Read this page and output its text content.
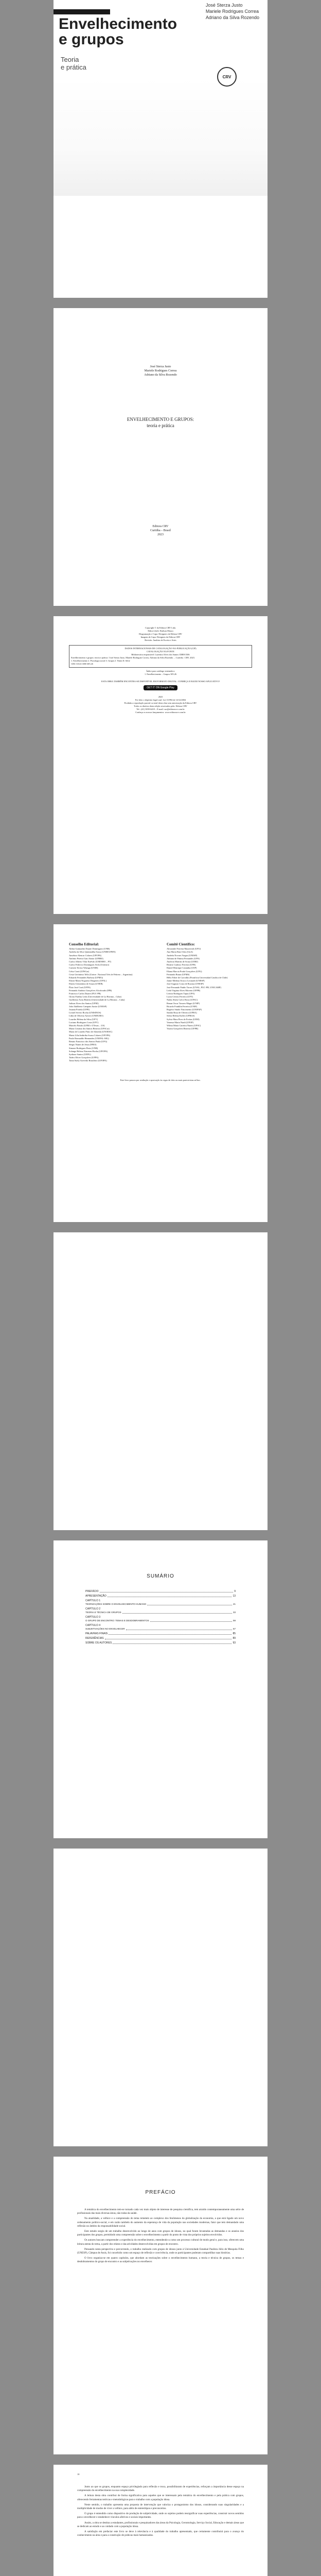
José Sterza Justo
Mariele Rodrigues Correa
Adriano da Silva Rozendo
Envelhecimento
e grupos
Teoria
e prática
CRV
José Sterza Justo
Mariele Rodrigues Correa
Adriano da Silva Rozendo
ENVELHECIMENTO E GRUPOS:
teoria e prática
Editora CRV
Curitiba – Brasil
2023
Copyright © da Editora CRV Ltda.
Editor-chefe: Railson Moura
Diagramação e Capa: Designers da Editora CRV
Imagem de Capa: Designers da Editora CRV
Revisão: Analista de Escrita e Artes
DADOS INTERNACIONAIS DE CATALOGAÇÃO-NA-PUBLICAÇÃO (CIP)
CATALOGAÇÃO NA FONTE
Bibliotecária responsável: Luzenira Alves dos Santos CRB9/1506
Envelhecimento e grupos: teoria e prática / José Sterza Justo, Mariele Rodrigues Correa, Adriano da Silva Rozendo. – Curitiba : CRV, 2023.
1. Envelhecimento 2. Psicologia social 3. Grupos I. Título II. Série
CDU 316.6 CDD 305.26
Índice para catálogo sistemático
1. Envelhecimento – Grupos 305.26
ESTA OBRA TAMBÉM ENCONTRA-SE DISPONÍVEL EM FORMATO DIGITAL. CONHEÇA E BAIXE NOSSO APLICATIVO!
GET IT ON Google Play
2023
Foi feito o depósito legal conf. Lei 10.994 de 14/12/2004
Proibida a reprodução parcial ou total desta obra sem autorização da Editora CRV
Todos os direitos desta edição reservados pela: Editora CRV
Tel.: (41) 3039-6418 – E-mail: sac@editoracrv.com.br
Conheça os nossos lançamentos: www.editoracrv.com.br
Conselho Editorial:
Aldira Guimarães Duarte Domínguez (UNB)
Andréia da Silva Quintanilha Sousa (UNIR/UFRN)
Anselmo Alencar Colares (UFOPA)
Antônio Pereira Gaio Júnior (UFRRJ)
Carlos Alberto Vilar Estêvão (UMINHO – PT)
Carlos Federico Dominguez Avila (Unieuro)
Carmen Tereza Velanga (UNIR)
Celso Conti (UFSCar)
Cesar Gerónimo Tello (Univer .Nacional Três de Febrero – Argentina)
Eduardo Fernandes Barbosa (UFMG)
Elione Maria Nogueira Diogenes (UFAL)
Elizeu Clementino de Souza (UNEB)
Élsio José Corá (UFFS)
Fernando Antônio Gonçalves Alcoforado (IPB)
Francisco Carlos Duarte (PUC-PR)
Gloria Fariñas León (Universidade de La Havana – Cuba)
Guillermo Arias Beatón (Universidade de La Havana – Cuba)
Jailson Alves dos Santos (UFRJ)
João Adalberto Campato Junior (UNESP)
Josania Portela (UFPI)
Leonel Severo Rocha (UNISINOS)
Lídia de Oliveira Xavier (UNIEURO)
Lourdes Helena da Silva (UFV)
Luciano Rodrigues Costa (UFV)
Marcelo Paixão (UFRJ e UTexas – US)
Maria Cristina dos Santos Bezerra (UFSCar)
Maria de Lourdes Pinto de Almeida (UNOESC)
Maria Lília Imbiriba Sousa Colares (UFOPA)
Paulo Romualdo Hernandes (UNIFAL-MG)
Renato Francisco dos Santos Paula (UFG)
Sérgio Nunes de Jesus (IFRO)
Simone Rodrigues Pinto (UNB)
Solange Helena Ximenes-Rocha (UFOPA)
Sydione Santos (UEPG)
Tadeu Oliver Gonçalves (UFPA)
Tania Suely Azevedo Brasileiro (UFOPA)
Comitê Científico:
Alexandre Ferreira Mazzerioli (UFU)
Ana Maria Ruiz Ortiz (UnA)
Andréia Novaes Vargas (UNESP)
Adriana de Fátima Fernandes (UFS)
Analicia Martins de Sousa (UERJ)
Beatriz Cardoso Ferreira (UFB)
Daniel Henrique Castanha (USP)
Eliana Marcia Prado Gonçalves (UFG)
Fernando Braun (UFMS)
Hélio Faber de Carvalho (Pontificia Universidad Catolica de Chile)
Jaime Medina Orozco Leonardi (UNESP)
José Augusto Costa de Rozona (UNESP)
José Fernando Patiño Torres (UNAL, PUC-PR, UNICAMP)
Leda Virgínia Alves Moreno (UFPB)
Leticia Rodrigues Tapia (UFA)
Lucia Ceritos Ferreira (UFT)
Nadia Abreu Calvo Rossi (UFAC)
Renan Oscar Tavares Magni (UNIP)
Ricardo Franklin Ferreira (UNIF)
Rogério Simão Nascimento (UNIFAP)
Sandra Rosa de Oliveira (UFRA)
Silvia Helena Koller (UFRGS)
Sylvia Mara Pires de Freitas (UEM)
Vanessa Maria Nardi (UFOP)
Wilma Maria Carreira Nunes (UFSC)
Ynaira Gonçalves Bezerra (UFPR)
Este livro passou por avaliação e aprovação às cegas de dois ou mais pareceristas ad hoc.
SUMÁRIO
PREFÁCIO	9
APRESENTAÇÃO	13
CAPÍTULO 1
TEORIZAÇÕES SOBRE O ENVELHECIMENTO HUMANO	21
CAPÍTULO 2
TEORIA E TÉCNICA DE GRUPOS	33
CAPÍTULO 3
O GRUPO DE ENCONTRO: TEMAS E DESDOBRAMENTOS	59
CAPÍTULO 4
SUBJETIVAÇÕES NO ENVELHECER	67
PALAVRAS FINAIS	85
REFERÊNCIAS	89
SOBRE OS AUTORES	93
PREFÁCIO

A temática do envelhecimento tem-se tornado cada vez mais objeto de interesse de pesquisa científica, tem atraído contemporaneamente uma série de profissionais das mais diversas áreas, não todas da saúde.

Na atualidade, a velhice e a compreensão do tema remetem ao complexo dos fenômenos da globalização da economia, a que está ligado um novo ordenamento político-social, e em razão também do aumento da esperança de vida da população nas sociedades modernas, fator que tem demandado uma reflexão no âmbito da responsabilidade social.

Este estudo surgiu de um trabalho desenvolvido ao longo de anos com grupos de idosos, no qual foram levantadas as demandas e os anseios dos participantes dos grupos, permitindo uma compreensão sobre o envelhecimento a partir do ponto de vista dos próprios sujeitos envolvidos.

Os autores buscam compreender a experiência do envelhecimento, entendendo-a como um processo cultural de modo geral e, para isso, oferecem uma leitura atenta do tema, a partir dos relatos e das atividades desenvolvidas em grupos de encontro.

Pensando nesta perspectiva e percorrendo, o trabalho realizado com grupos de idosos junto à Universidade Estadual Paulista Júlio de Mesquita Filho (UNESP), Câmpus de Assis, foi concebido como um espaço de reflexão e convivência, onde os participantes puderam compartilhar suas histórias.

O livro organiza-se em quatro capítulos, que abordam as teorizações sobre o envelhecimento humano, a teoria e técnica de grupos, os temas e desdobramentos do grupo de encontro e as subjetivações no envelhecer.

10

Junto ao que os grupos, enquanto espaço privilegiado para reflexão e troca, possibilitaram de experiências, reforçam a importância desse espaço na compreensão do envelhecimento na sua complexidade.

A leitura desta obra contribui de forma significativa para aqueles que se interessam pela temática do envelhecimento e pela prática com grupos, oferecendo ferramentas teóricas e metodológicas para o trabalho com a população idosa.

Neste sentido, o trabalho apresenta uma proposta de intervenção que valoriza o protagonismo dos idosos, considerando suas singularidades e a multiplicidade de modos de viver a velhice, para além de estereótipos e preconceitos.

O grupo é entendido como dispositivo de produção de subjetividade, onde os sujeitos podem ressignificar suas experiências, construir novos sentidos para o envelhecer e estabelecer vínculos afetivos e sociais importantes.

Assim, a obra se destina a estudantes, profissionais e pesquisadores das áreas da Psicologia, Gerontologia, Serviço Social, Educação e demais áreas que se dedicam ao estudo e ao cuidado com a população idosa.

A satisfação em prefaciar este livro se deve à relevância e à qualidade do trabalho apresentado, que certamente contribuirá para o avanço do conhecimento na área e para a construção de práticas mais humanizadas.
